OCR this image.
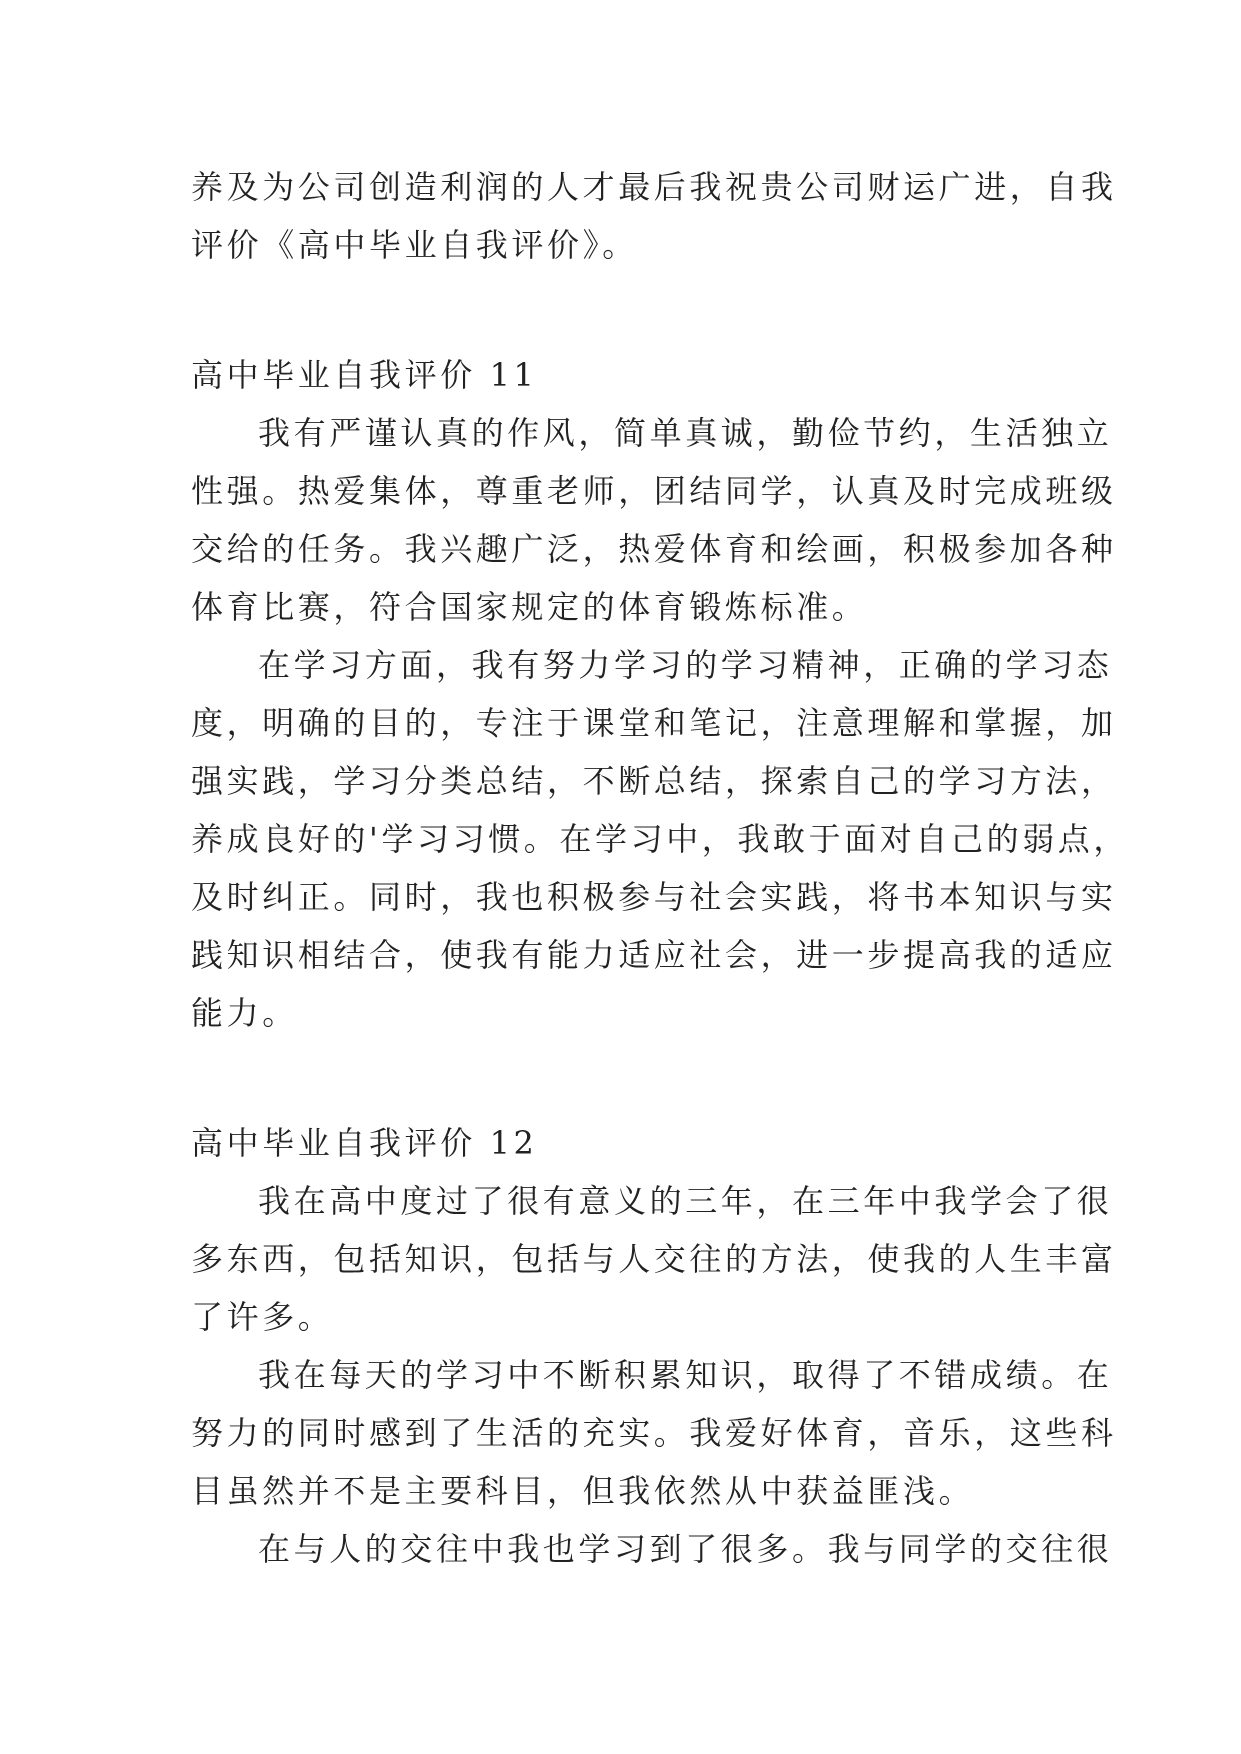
养及为公司创造利润的人才最后我祝贵公司财运广进，自我
评价《高中毕业自我评价》。
高中毕业自我评价 11
我有严谨认真的作风，简单真诚，勤俭节约，生活独立
性强。热爱集体，尊重老师，团结同学，认真及时完成班级
交给的任务。我兴趣广泛，热爱体育和绘画，积极参加各种
体育比赛，符合国家规定的体育锻炼标准。
在学习方面，我有努力学习的学习精神，正确的学习态
度，明确的目的，专注于课堂和笔记，注意理解和掌握，加
强实践，学习分类总结，不断总结，探索自己的学习方法，
养成良好的'学习习惯。在学习中，我敢于面对自己的弱点，
及时纠正。同时，我也积极参与社会实践，将书本知识与实
践知识相结合，使我有能力适应社会，进一步提高我的适应
能力。
高中毕业自我评价 12
我在高中度过了很有意义的三年，在三年中我学会了很
多东西，包括知识，包括与人交往的方法，使我的人生丰富
了许多。
我在每天的学习中不断积累知识，取得了不错成绩。在
努力的同时感到了生活的充实。我爱好体育，音乐，这些科
目虽然并不是主要科目，但我依然从中获益匪浅。
在与人的交往中我也学习到了很多。我与同学的交往很
